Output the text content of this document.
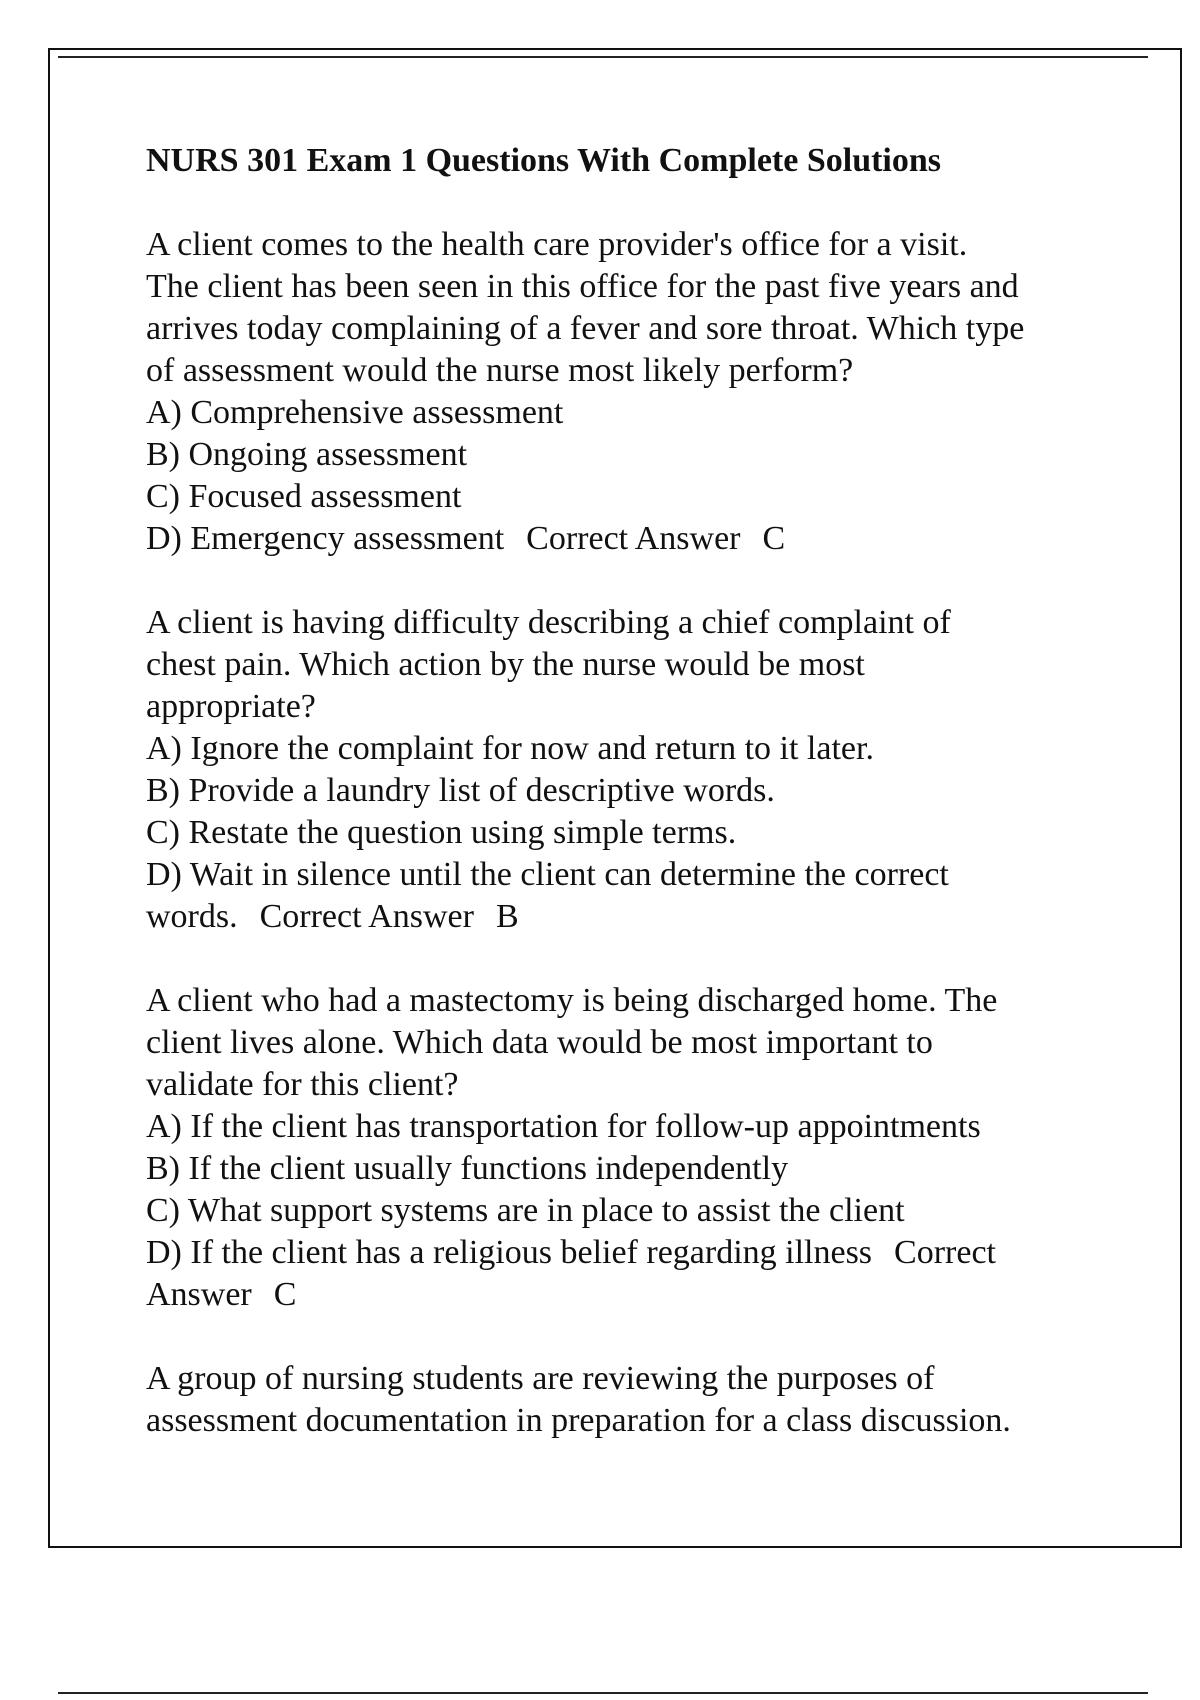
NURS 301 Exam 1 Questions With Complete Solutions
A client comes to the health care provider's office for a visit.
The client has been seen in this office for the past five years and
arrives today complaining of a fever and sore throat. Which type
of assessment would the nurse most likely perform?
A) Comprehensive assessment
B) Ongoing assessment
C) Focused assessment
D) Emergency assessment Correct Answer C
A client is having difficulty describing a chief complaint of
chest pain. Which action by the nurse would be most
appropriate?
A) Ignore the complaint for now and return to it later.
B) Provide a laundry list of descriptive words.
C) Restate the question using simple terms.
D) Wait in silence until the client can determine the correct
words. Correct Answer B
A client who had a mastectomy is being discharged home. The
client lives alone. Which data would be most important to
validate for this client?
A) If the client has transportation for follow-up appointments
B) If the client usually functions independently
C) What support systems are in place to assist the client
D) If the client has a religious belief regarding illness Correct
Answer C
A group of nursing students are reviewing the purposes of
assessment documentation in preparation for a class discussion.
